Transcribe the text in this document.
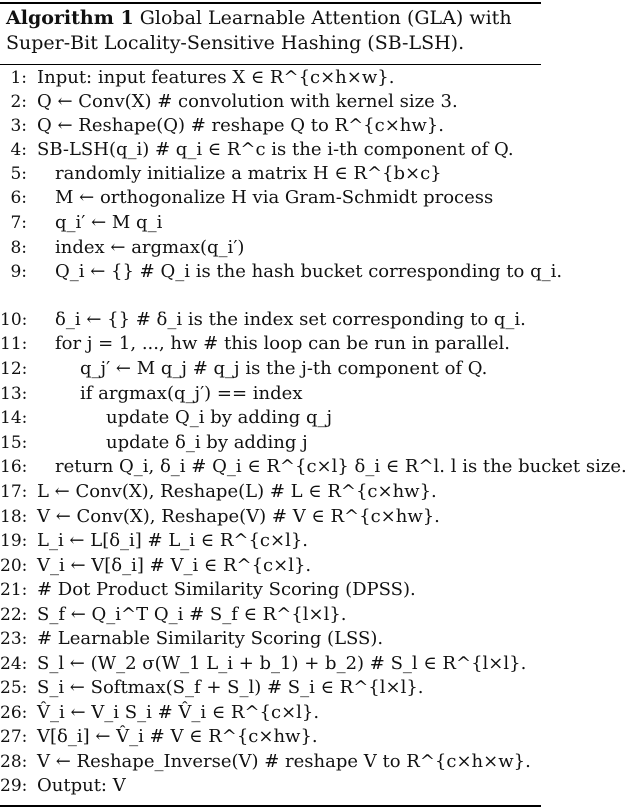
Algorithm 1 Global Learnable Attention (GLA) with Super-Bit Locality-Sensitive Hashing (SB-LSH).
1: Input: input features X ∈ R^{c×h×w}.
2: Q ← Conv(X) # convolution with kernel size 3.
3: Q ← Reshape(Q) # reshape Q to R^{c×hw}.
4: SB-LSH(q_i) # q_i ∈ R^c is the i-th component of Q.
5: randomly initialize a matrix H ∈ R^{b×c}
6: M ← orthogonalize H via Gram-Schmidt process
7: q_i′ ← M q_i
8: index ← argmax(q_i′)
9: Q_i ← {} # Q_i is the hash bucket corresponding to q_i.
10: δ_i ← {} # δ_i is the index set corresponding to q_i.
11: for j = 1, ..., hw # this loop can be run in parallel.
12:	q_j′ ← M q_j # q_j is the j-th component of Q.
13:	if argmax(q_j′) == index
14:	update Q_i by adding q_j
15:	update δ_i by adding j
16: return Q_i, δ_i # Q_i ∈ R^{c×l} δ_i ∈ R^l. l is the bucket size.
17: L ← Conv(X), Reshape(L) # L ∈ R^{c×hw}.
18: V ← Conv(X), Reshape(V) # V ∈ R^{c×hw}.
19: L_i ← L[δ_i] # L_i ∈ R^{c×l}.
20: V_i ← V[δ_i] # V_i ∈ R^{c×l}.
21: # Dot Product Similarity Scoring (DPSS).
22: S_f ← Q_i^T Q_i # S_f ∈ R^{l×l}.
23: # Learnable Similarity Scoring (LSS).
24: S_l ← (W_2 σ(W_1 L_i + b_1) + b_2) # S_l ∈ R^{l×l}.
25: S_i ← Softmax(S_f + S_l) # S_i ∈ R^{l×l}.
26: V̂_i ← V_i S_i # V̂_i ∈ R^{c×l}.
27: V[δ_i] ← V̂_i # V ∈ R^{c×hw}.
28: V ← Reshape_Inverse(V) # reshape V to R^{c×h×w}.
29: Output: V
